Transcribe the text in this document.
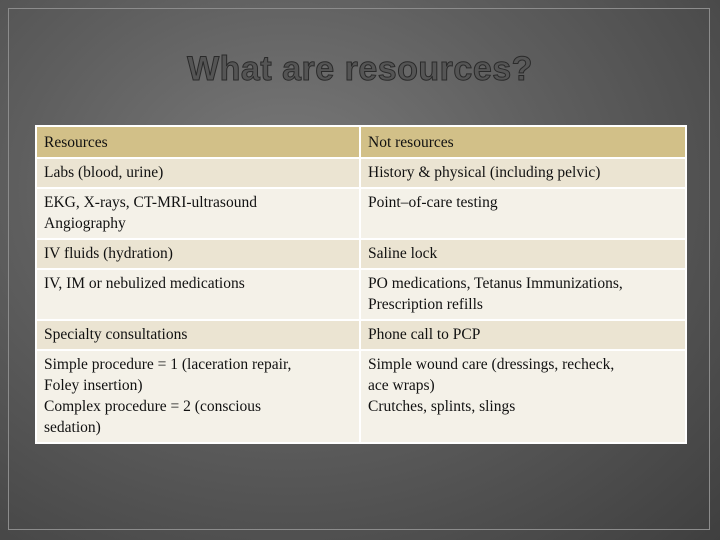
What are resources?
Resources	Not resources

Labs (blood, urine)	History & physical (including pelvic)

EKG, X-rays, CT-MRI-ultrasound
Angiography	Point–of-care testing

IV fluids (hydration)	Saline lock

IV, IM or nebulized medications	PO medications, Tetanus Immunizations,
Prescription refills

Specialty consultations	Phone call to PCP

Simple procedure = 1 (laceration repair,
Foley insertion)
Complex procedure = 2 (conscious
sedation)	Simple wound care (dressings, recheck,
ace wraps)
Crutches, splints, slings
